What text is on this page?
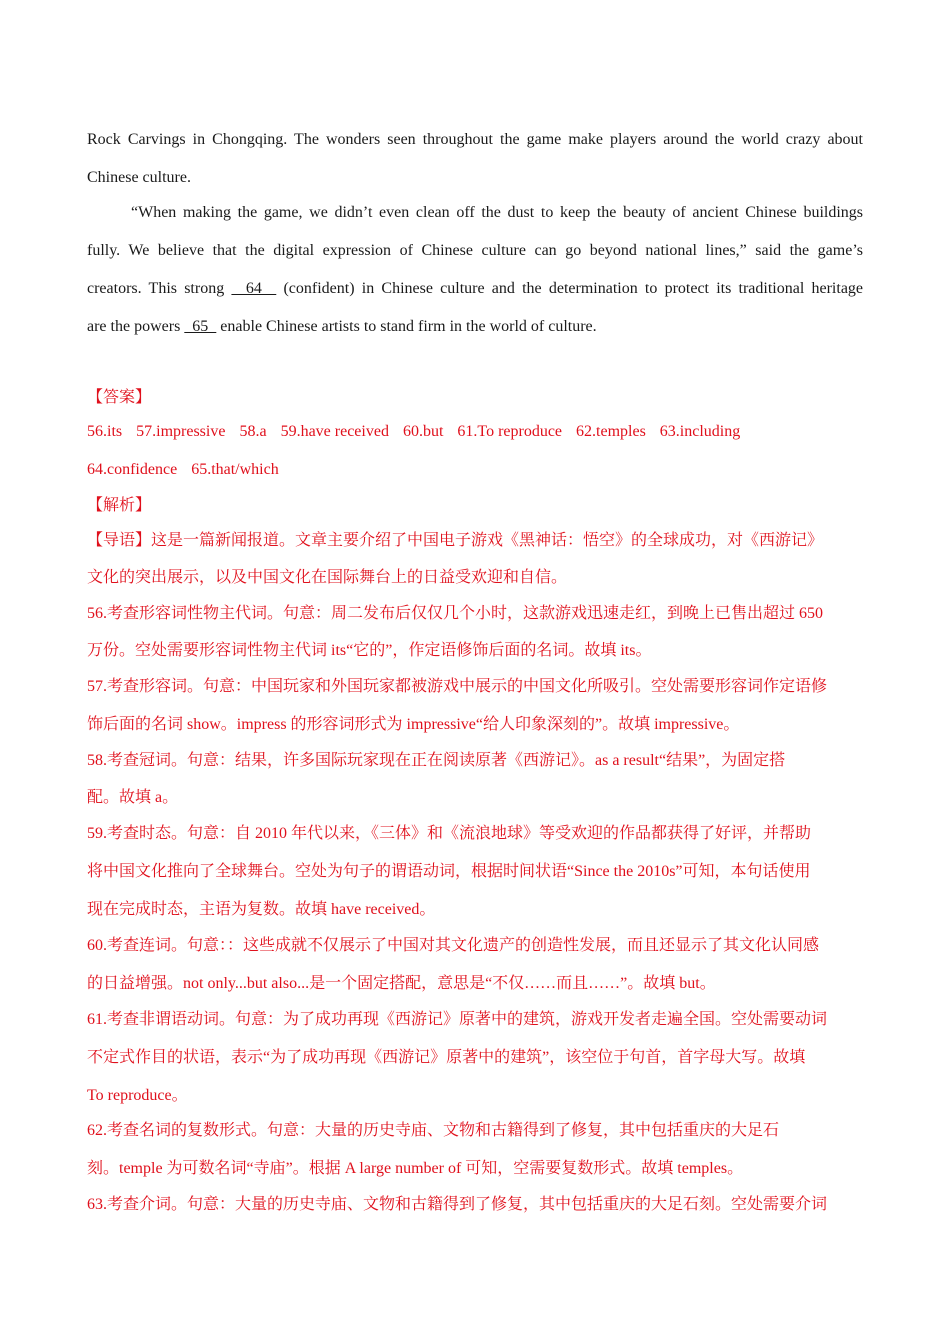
Rock Carvings in Chongqing. The wonders seen throughout the game make players around the world crazy about

Chinese culture.

“When making the game, we didn’t even clean off the dust to keep the beauty of ancient Chinese buildings

fully. We believe that the digital expression of Chinese culture can go beyond national lines,” said the game’s

creators. This strong   64   (confident) in Chinese culture and the determination to protect its traditional heritage

are the powers   65   enable Chinese artists to stand firm in the world of culture.

【答案】

56.its 57.impressive 58.a 59.have received 60.but 61.To reproduce 62.temples 63.including

64.confidence 65.that/which

【解析】

【导语】这是一篇新闻报道。文章主要介绍了中国电子游戏《黑神话：悟空》的全球成功，对《西游记》

文化的突出展示，以及中国文化在国际舞台上的日益受欢迎和自信。

56.考查形容词性物主代词。句意：周二发布后仅仅几个小时，这款游戏迅速走红，到晚上已售出超过 650

万份。空处需要形容词性物主代词 its“它的”，作定语修饰后面的名词。故填 its。

57.考查形容词。句意：中国玩家和外国玩家都被游戏中展示的中国文化所吸引。空处需要形容词作定语修

饰后面的名词 show。impress 的形容词形式为 impressive“给人印象深刻的”。故填 impressive。

58.考查冠词。句意：结果，许多国际玩家现在正在阅读原著《西游记》。as a result“结果”，为固定搭

配。故填 a。

59.考查时态。句意：自 2010 年代以来，《三体》和《流浪地球》等受欢迎的作品都获得了好评，并帮助

将中国文化推向了全球舞台。空处为句子的谓语动词，根据时间状语“Since the 2010s”可知，本句话使用

现在完成时态，主语为复数。故填 have received。

60.考查连词。句意：：这些成就不仅展示了中国对其文化遗产的创造性发展，而且还显示了其文化认同感

的日益增强。not only...but also...是一个固定搭配，意思是“不仅……而且……”。故填 but。

61.考查非谓语动词。句意：为了成功再现《西游记》原著中的建筑，游戏开发者走遍全国。空处需要动词

不定式作目的状语，表示“为了成功再现《西游记》原著中的建筑”，该空位于句首，首字母大写。故填

To reproduce。

62.考查名词的复数形式。句意：大量的历史寺庙、文物和古籍得到了修复，其中包括重庆的大足石

刻。temple 为可数名词“寺庙”。根据 A large number of 可知，空需要复数形式。故填 temples。

63.考查介词。句意：大量的历史寺庙、文物和古籍得到了修复，其中包括重庆的大足石刻。空处需要介词
